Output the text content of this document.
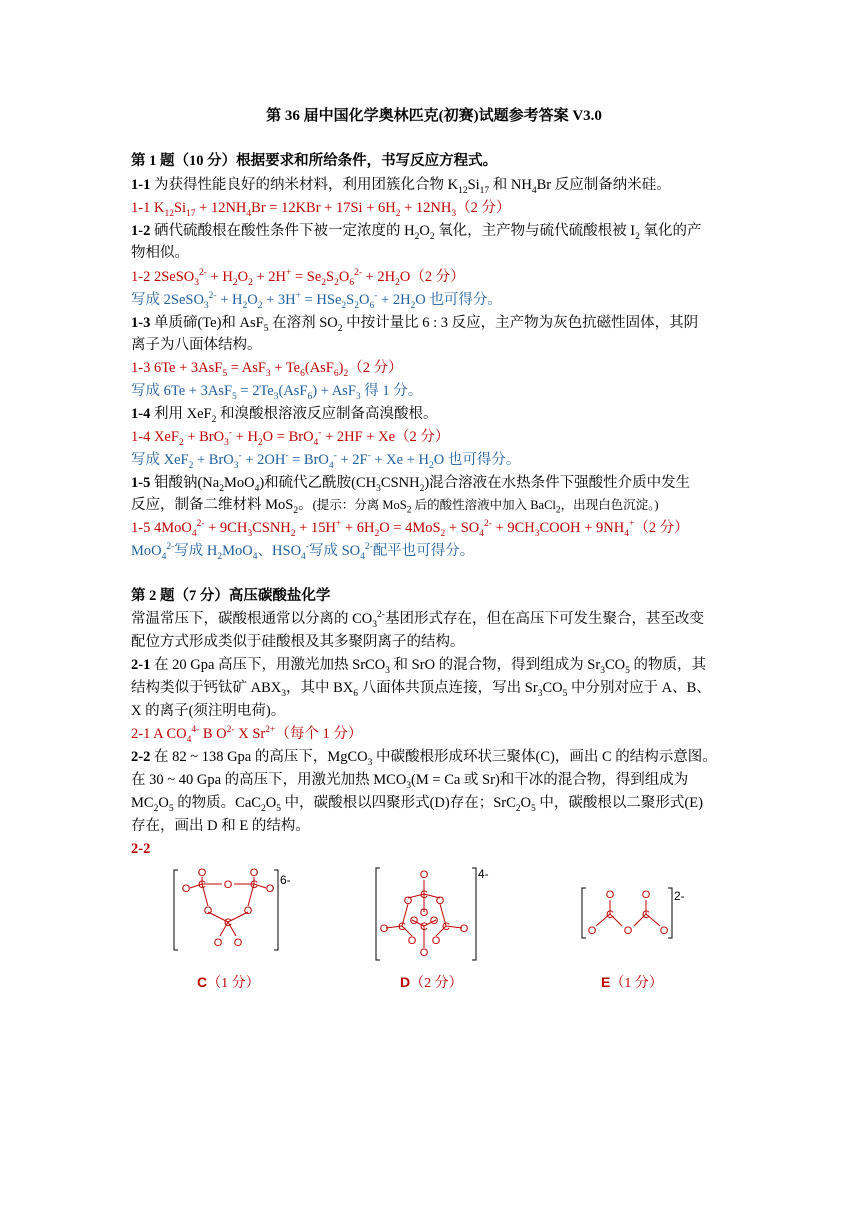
第 36 届中国化学奥林匹克(初赛)试题参考答案 V3.0
第 1 题（10 分）根据要求和所给条件，书写反应方程式。
1-1 为获得性能良好的纳米材料，利用团簇化合物 $K_{12}Si_{17}$ 和 $NH_4Br$ 反应制备纳米硅。
1-1 $K_{12}Si_{17} + 12NH_4Br = 12KBr + 17Si + 6H_2 + 12NH_3(2$ 分）
1-2 硒代硫酸根在酸性条件下被一定浓度的 $H_2O_2$ 氧化，主产物与硫代硫酸根被 $I_2$ 氧化的产
物相似。
1-2 2SeSO$_3^{2-}$ + $H_2O_2 + 2H^+ = Se_2S_2O_6^{2-} + 2H_2O(2$ 分）
写成 2SeSO$_3^{2-}$ + $H_2O_2 + 3H^+ = HSe_2S_2O_6^- + 2H_2O$ 也可得分。
1-3 单质碲(Te)和 AsF$_5$ 在溶剂 $SO_2$ 中按计量比 6 : 3 反应，主产物为灰色抗磁性固体，其阴
离子为八面体结构。
1-3 $6Te + 3AsF_5 = AsF_3 + Te_6(AsF_6)_2(2$ 分）
写成 $6Te + 3AsF_5 = 2Te_3(AsF_6) + AsF_3$ 得 1 分。
1-4 利用 XeF$_2$ 和溴酸根溶液反应制备高溴酸根。
1-4 $XeF_2 + BrO_3^- + H_2O = BrO_4^- + 2HF + Xe(2$ 分）
写成 $XeF_2 + BrO_3^- + 2OH^- = BrO_4^- + 2F^- + Xe + H_2O$ 也可得分。
1-5 钼酸钠$(Na_2MoO_4)$和硫代乙酰胺$(CH_3CSNH_2)$混合溶液在水热条件下强酸性介质中发生
反应，制备二维材料 MoS$_2$。(提示：分离 MoS$_2$ 后的酸性溶液中加入 BaCl$_2$，出现白色沉淀。)
1-5 $4MoO_4^{2-} + 9CH_3CSNH_2 + 15H^+ + 6H_2O = 4MoS_2 + SO_4^{2-}$ + $9CH_3COOH + 9NH_4^+(2$ 分）
MoO$_4^{2-}$写成 $H_2MoO_4$、$HSO_4^-$写成 $SO_4^{2-}$配平也可得分。
第 2 题（7 分）高压碳酸盐化学
常温常压下，碳酸根通常以分离的 $CO_3^{2-}$基团形式存在，但在高压下可发生聚合，甚至改变
配位方式形成类似于硅酸根及其多聚阴离子的结构。
2-1 在 20 Gpa 高压下，用激光加热 SrCO$_3$ 和 SrO 的混合物，得到组成为 $Sr_3CO_5$ 的物质，其
结构类似于钙钛矿 $ABX_3$，其中 $BX_6$ 八面体共顶点连接，写出 $Sr_3CO_5$ 中分别对应于 A、B、
X 的离子(须注明电荷)。
2-1 A $CO_4^{4-}$ B $O^{2-}$ X $Sr^{2+}$（每个 1 分）
2-2 在 82 ~ 138 Gpa 的高压下，MgCO$_3$ 中碳酸根形成环状三聚体(C)，画出 C 的结构示意图。
在 30 ~ 40 Gpa 的高压下，用激光加热 $MCO_3(M = Ca$ 或 Sr)和干冰的混合物，得到组成为
$MC_2O_5$ 的物质。$CaC_2O_5$ 中，碳酸根以四聚形式(D)存在；$SrC_2O_5$ 中，碳酸根以二聚形式(E)
存在，画出 D 和 E 的结构。
2-2
O
O C O C
O
O
O	O
C
O O
6-	O
O C O
O
O C O C O C O
O O
O
4-
O O
C	C
O O O
2-
C（1 分）	D（2 分）	E（1 分）
